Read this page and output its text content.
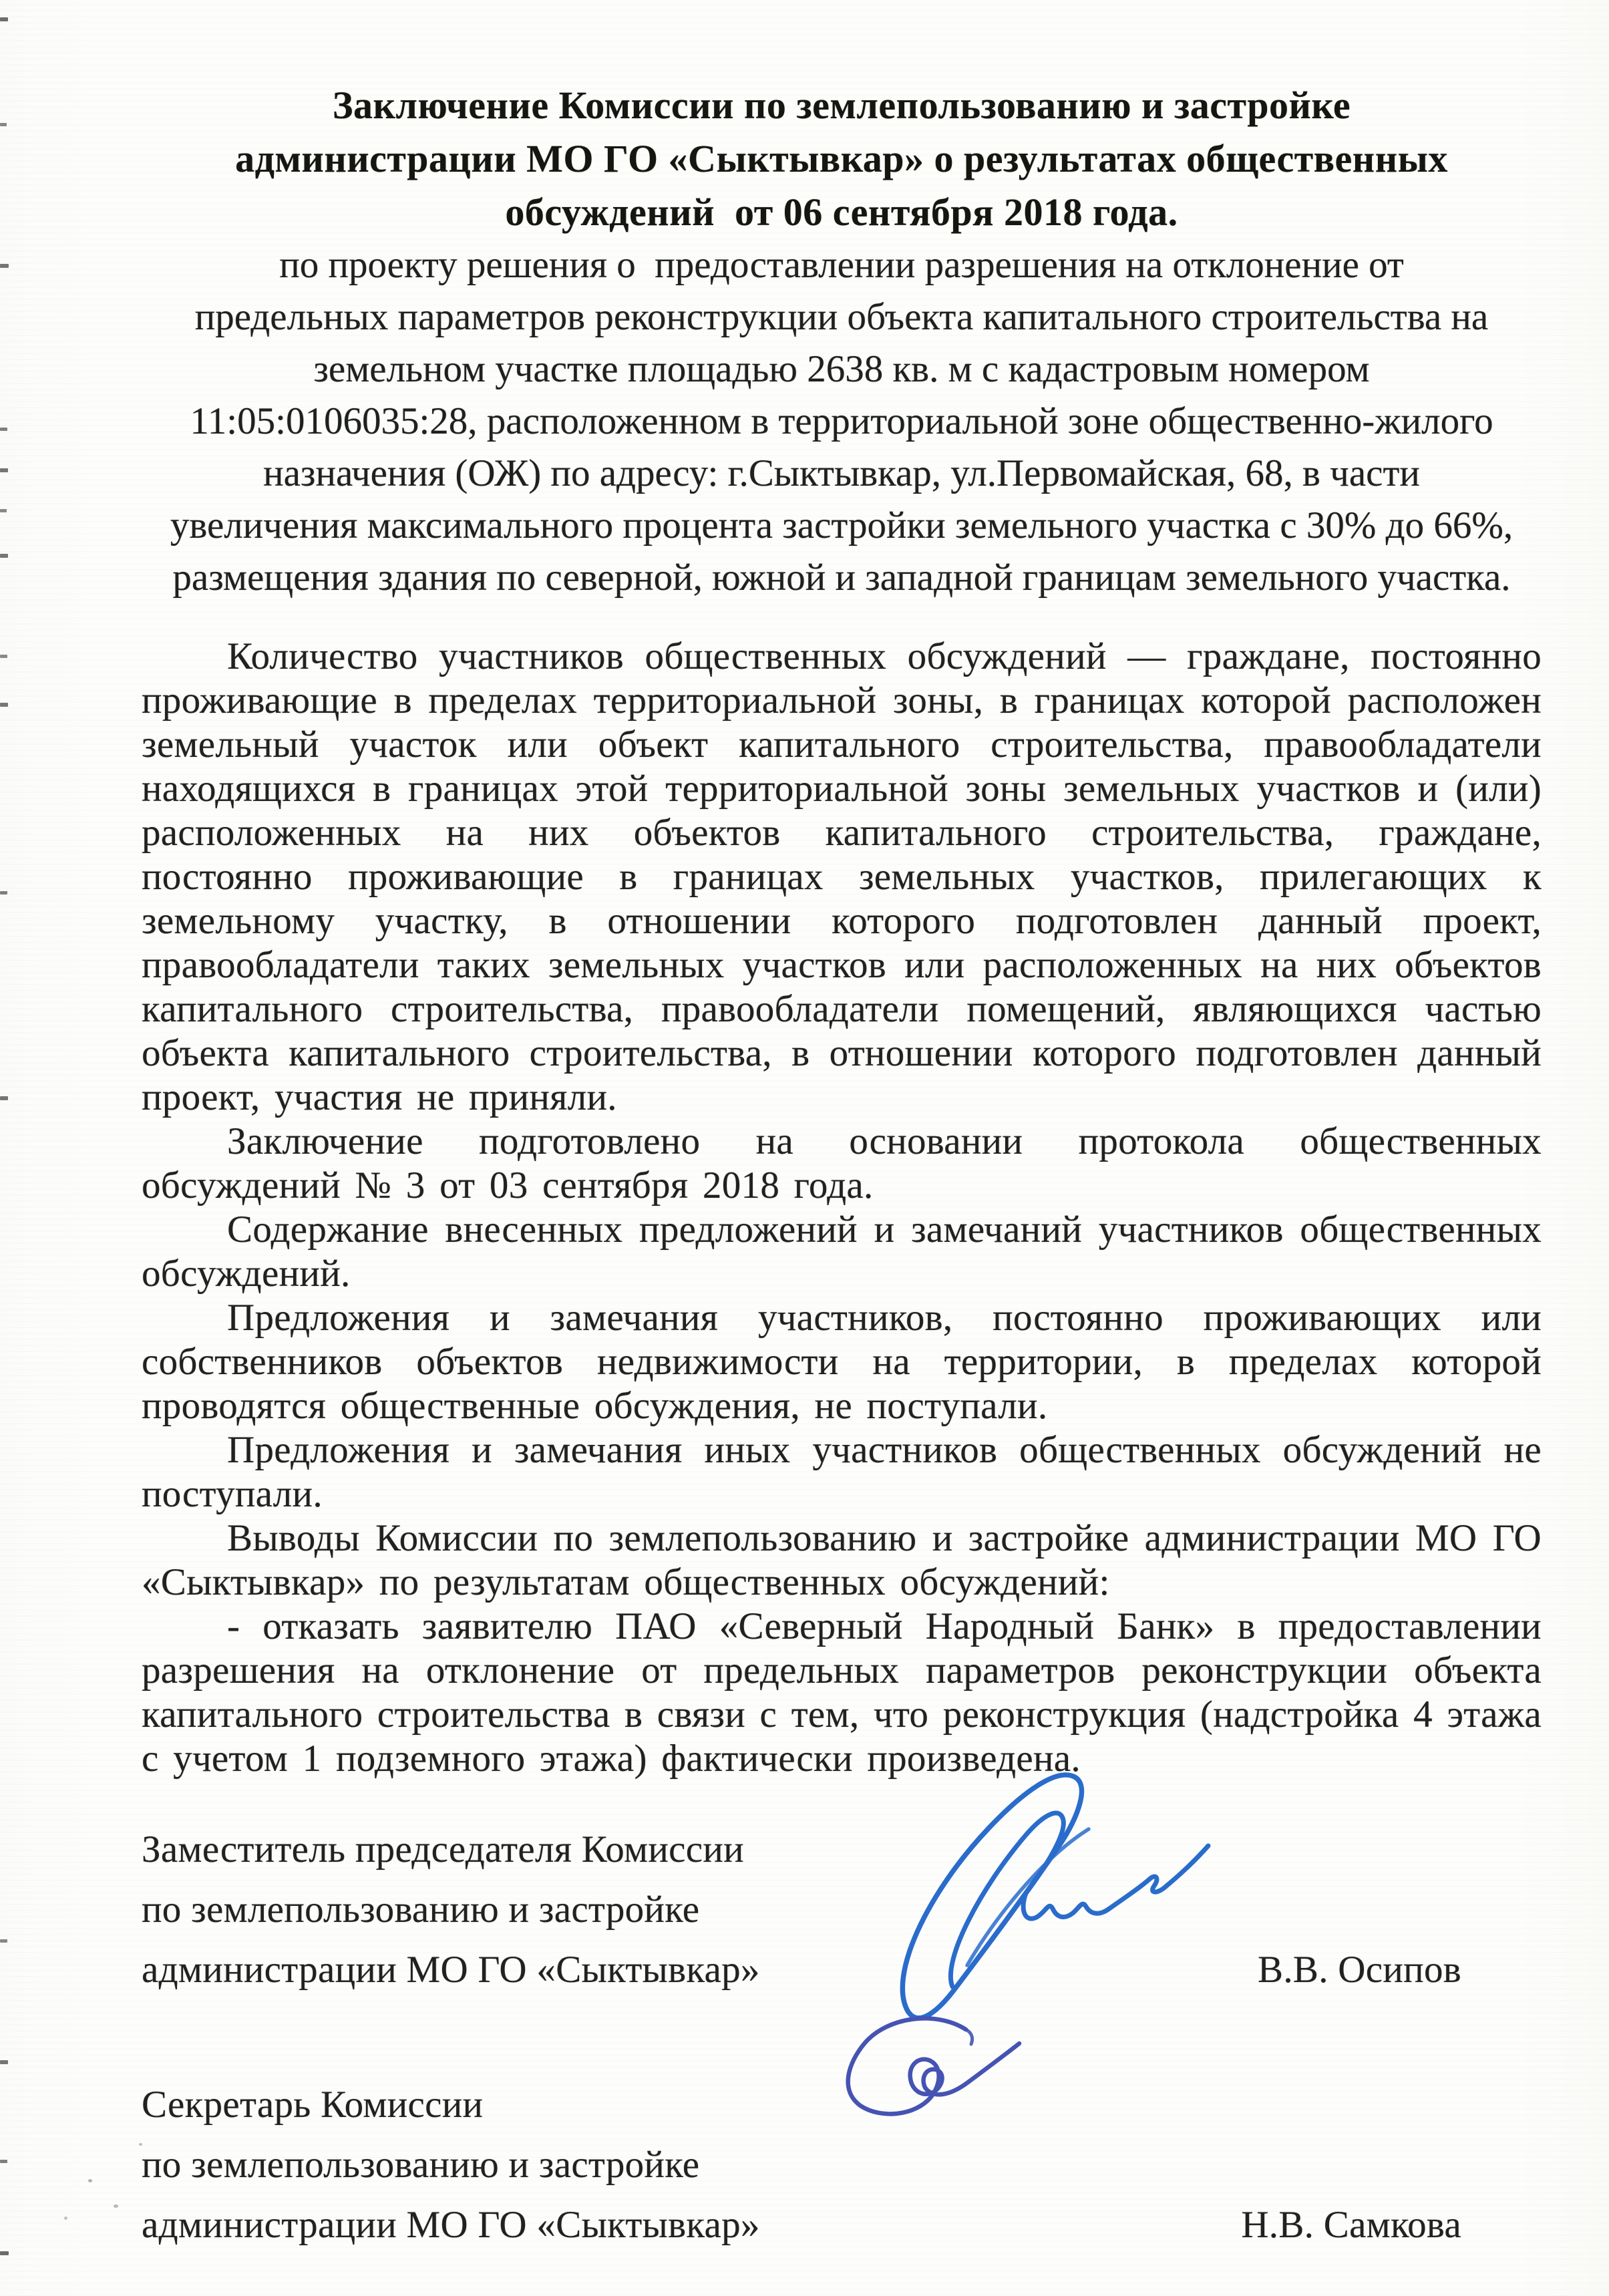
Заключение Комиссии по землепользованию и застройке
администрации МО ГО «Сыктывкар» о результатах общественных
обсуждений  от 06 сентября 2018 года.
по проекту решения о  предоставлении разрешения на отклонение от
предельных параметров реконструкции объекта капитального строительства на
земельном участке площадью 2638 кв. м с кадастровым номером
11:05:0106035:28, расположенном в территориальной зоне общественно-жилого
назначения (ОЖ) по адресу: г.Сыктывкар, ул.Первомайская, 68, в части
увеличения максимального процента застройки земельного участка с 30% до 66%,
размещения здания по северной, южной и западной границам земельного участка.

Количество участников общественных обсуждений — граждане, постоянно проживающие в пределах территориальной зоны, в границах которой расположен земельный участок или объект капитального строительства, правообладатели находящихся в границах этой территориальной зоны земельных участков и (или) расположенных на них объектов капитального строительства, граждане, постоянно проживающие в границах земельных участков, прилегающих к земельному участку, в отношении которого подготовлен данный проект, правообладатели таких земельных участков или расположенных на них объектов капитального строительства, правообладатели помещений, являющихся частью объекта капитального строительства, в отношении которого подготовлен данный проект, участия не приняли.

Заключение подготовлено на основании протокола общественных обсуждений № 3 от 03 сентября 2018 года.

Содержание внесенных предложений и замечаний участников общественных обсуждений.

Предложения и замечания участников, постоянно проживающих или собственников объектов недвижимости на территории, в пределах которой проводятся общественные обсуждения, не поступали.

Предложения и замечания иных участников общественных обсуждений не поступали.

Выводы Комиссии по землепользованию и застройке администрации МО ГО «Сыктывкар» по результатам общественных обсуждений:

- отказать заявителю ПАО «Северный Народный Банк» в предоставлении разрешения на отклонение от предельных параметров реконструкции объекта капитального строительства в связи с тем, что реконструкция (надстройка 4 этажа с учетом 1 подземного этажа) фактически произведена.

Заместитель председателя Комиссии
по землепользованию и застройке
администрации МО ГО «Сыктывкар»	В.В. Осипов
Секретарь Комиссии
по землепользованию и застройке
администрации МО ГО «Сыктывкар»	Н.В. Самкова
